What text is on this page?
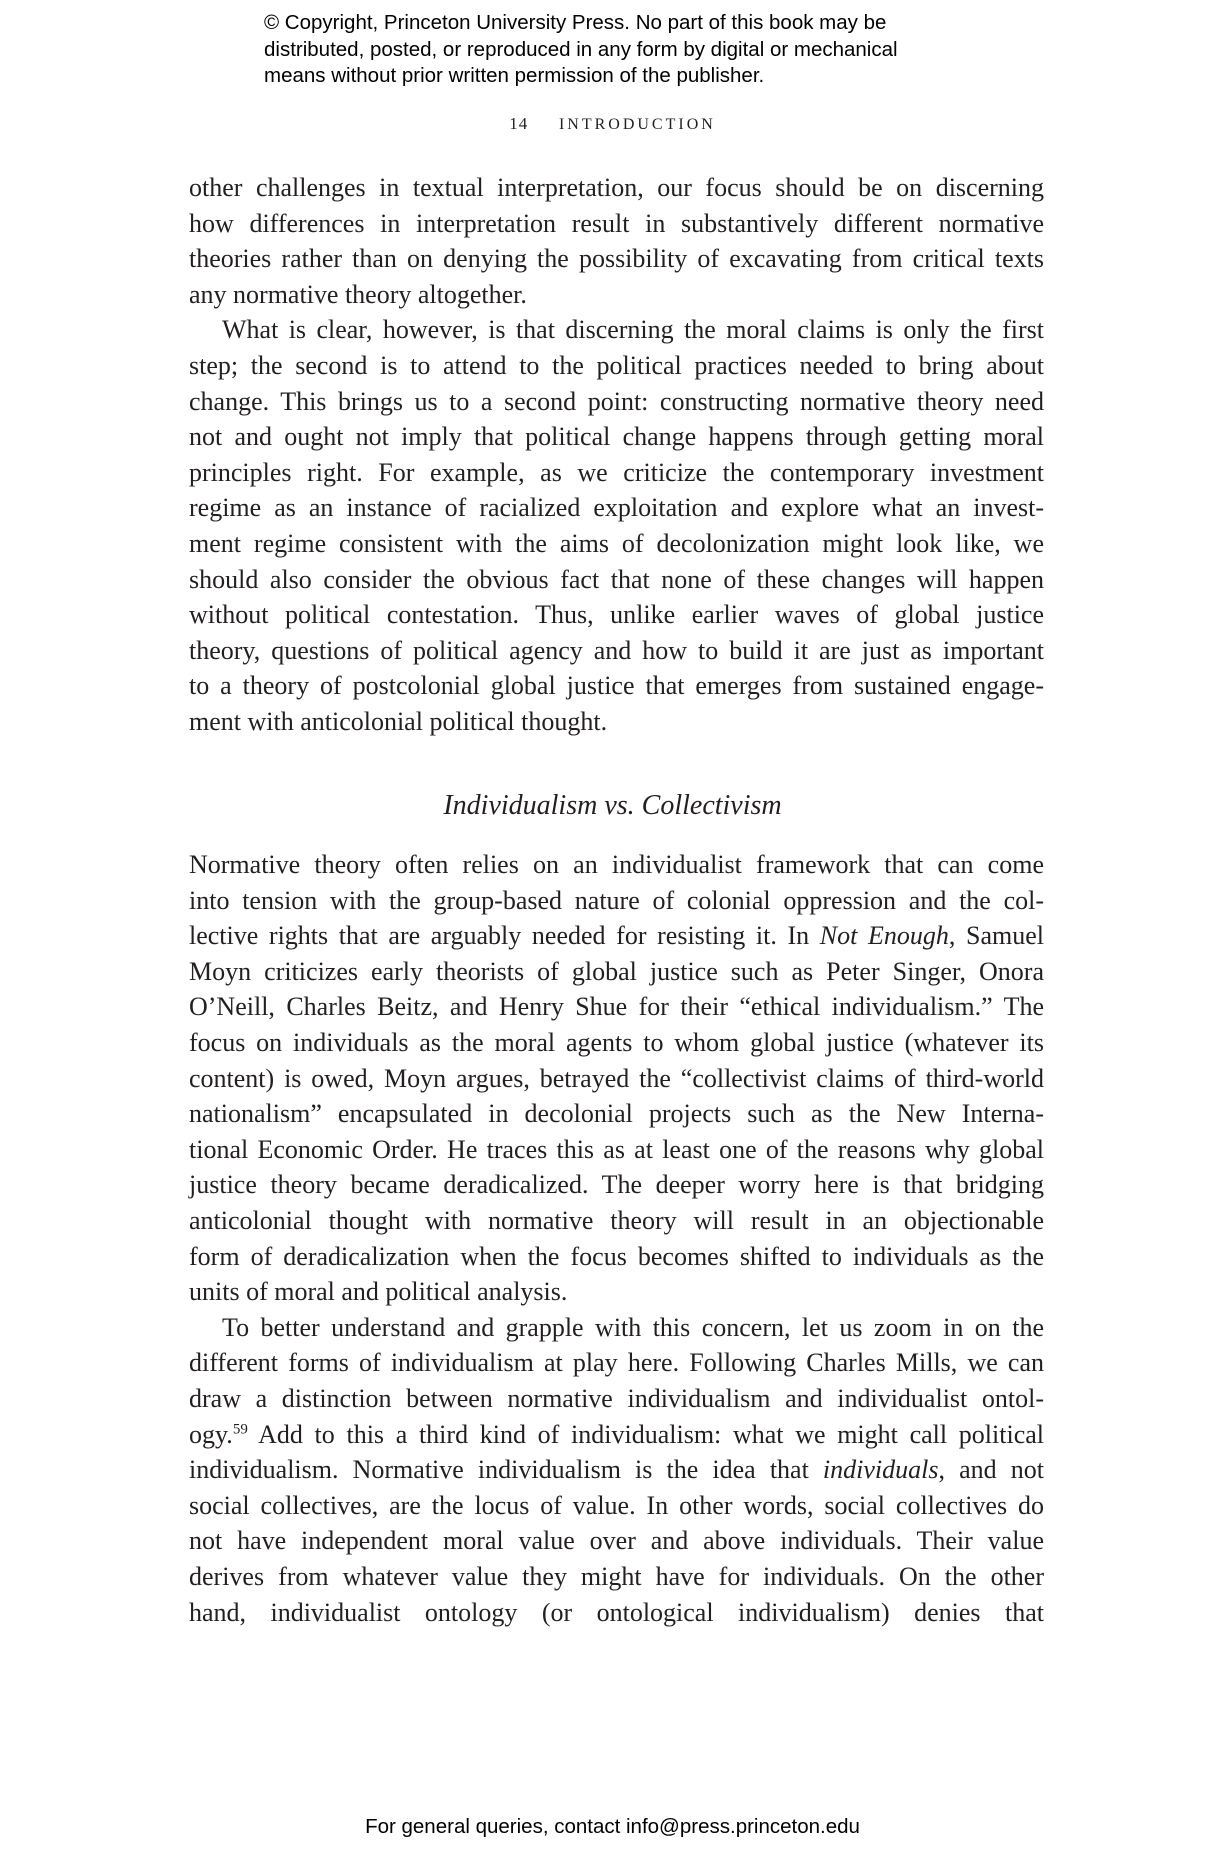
© Copyright, Princeton University Press. No part of this book may be
distributed, posted, or reproduced in any form by digital or mechanical
means without prior written permission of the publisher.
14 INTRODUCTION
other challenges in textual interpretation, our focus should be on discerning
how differences in interpretation result in substantively different normative
theories rather than on denying the possibility of excavating from critical texts
any normative theory altogether.
What is clear, however, is that discerning the moral claims is only the first
step; the second is to attend to the political practices needed to bring about
change. This brings us to a second point: constructing normative theory need
not and ought not imply that political change happens through getting moral
principles right. For example, as we criticize the contemporary investment
regime as an instance of racialized exploitation and explore what an invest-
ment regime consistent with the aims of decolonization might look like, we
should also consider the obvious fact that none of these changes will happen
without political contestation. Thus, unlike earlier waves of global justice
theory, questions of political agency and how to build it are just as important
to a theory of postcolonial global justice that emerges from sustained engage-
ment with anticolonial political thought.
Individualism vs. Collectivism
Normative theory often relies on an individualist framework that can come
into tension with the group-based nature of colonial oppression and the col-
lective rights that are arguably needed for resisting it. In Not Enough, Samuel
Moyn criticizes early theorists of global justice such as Peter Singer, Onora
O’Neill, Charles Beitz, and Henry Shue for their “ethical individualism.” The
focus on individuals as the moral agents to whom global justice (whatever its
content) is owed, Moyn argues, betrayed the “collectivist claims of third-world
nationalism” encapsulated in decolonial projects such as the New Interna-
tional Economic Order. He traces this as at least one of the reasons why global
justice theory became deradicalized. The deeper worry here is that bridging
anticolonial thought with normative theory will result in an objectionable
form of deradicalization when the focus becomes shifted to individuals as the
units of moral and political analysis.
To better understand and grapple with this concern, let us zoom in on the
different forms of individualism at play here. Following Charles Mills, we can
draw a distinction between normative individualism and individualist ontol-
ogy.$^{59}$ Add to this a third kind of individualism: what we might call political
individualism. Normative individualism is the idea that individuals, and not
social collectives, are the locus of value. In other words, social collectives do
not have independent moral value over and above individuals. Their value
derives from whatever value they might have for individuals. On the other
hand, individualist ontology (or ontological individualism) denies that
For general queries, contact info@press.princeton.edu
